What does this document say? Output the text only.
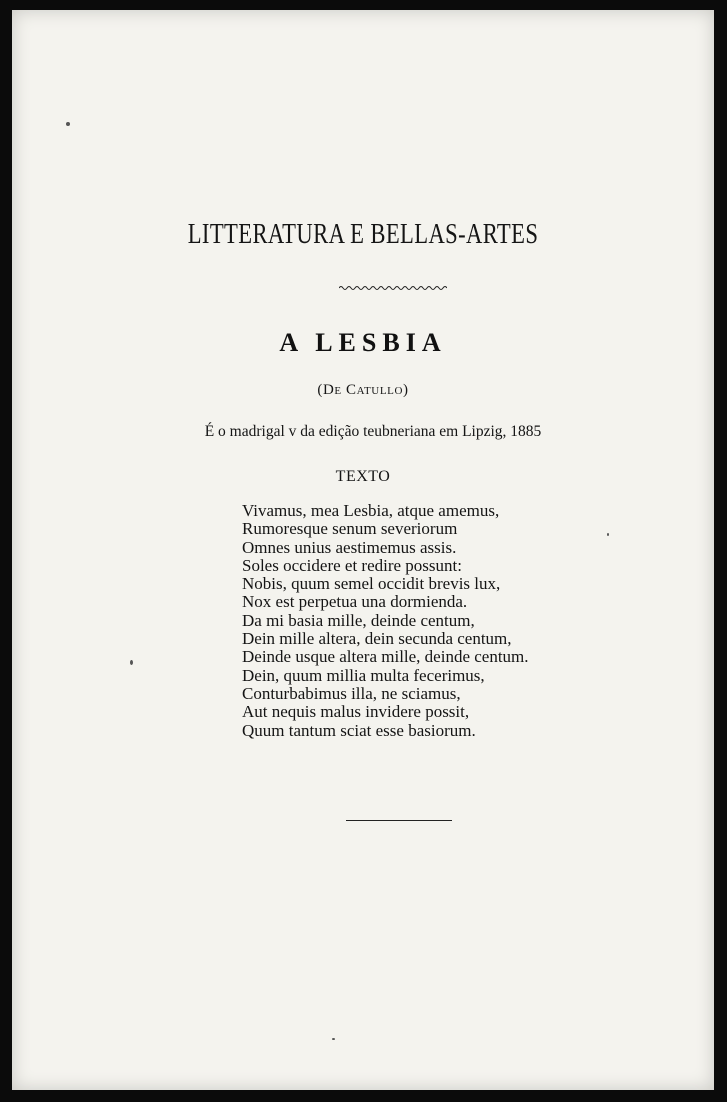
LITTERATURA E BELLAS-ARTES
A LESBIA
(De Catullo)
É o madrigal v da edição teubneriana em Lipzig, 1885
TEXTO
Vivamus, mea Lesbia, atque amemus,
Rumoresque senum severiorum
Omnes unius aestimemus assis.
Soles occidere et redire possunt:
Nobis, quum semel occidit brevis lux,
Nox est perpetua una dormienda.
Da mi basia mille, deinde centum,
Dein mille altera, dein secunda centum,
Deinde usque altera mille, deinde centum.
Dein, quum millia multa fecerimus,
Conturbabimus illa, ne sciamus,
Aut nequis malus invidere possit,
Quum tantum sciat esse basiorum.
